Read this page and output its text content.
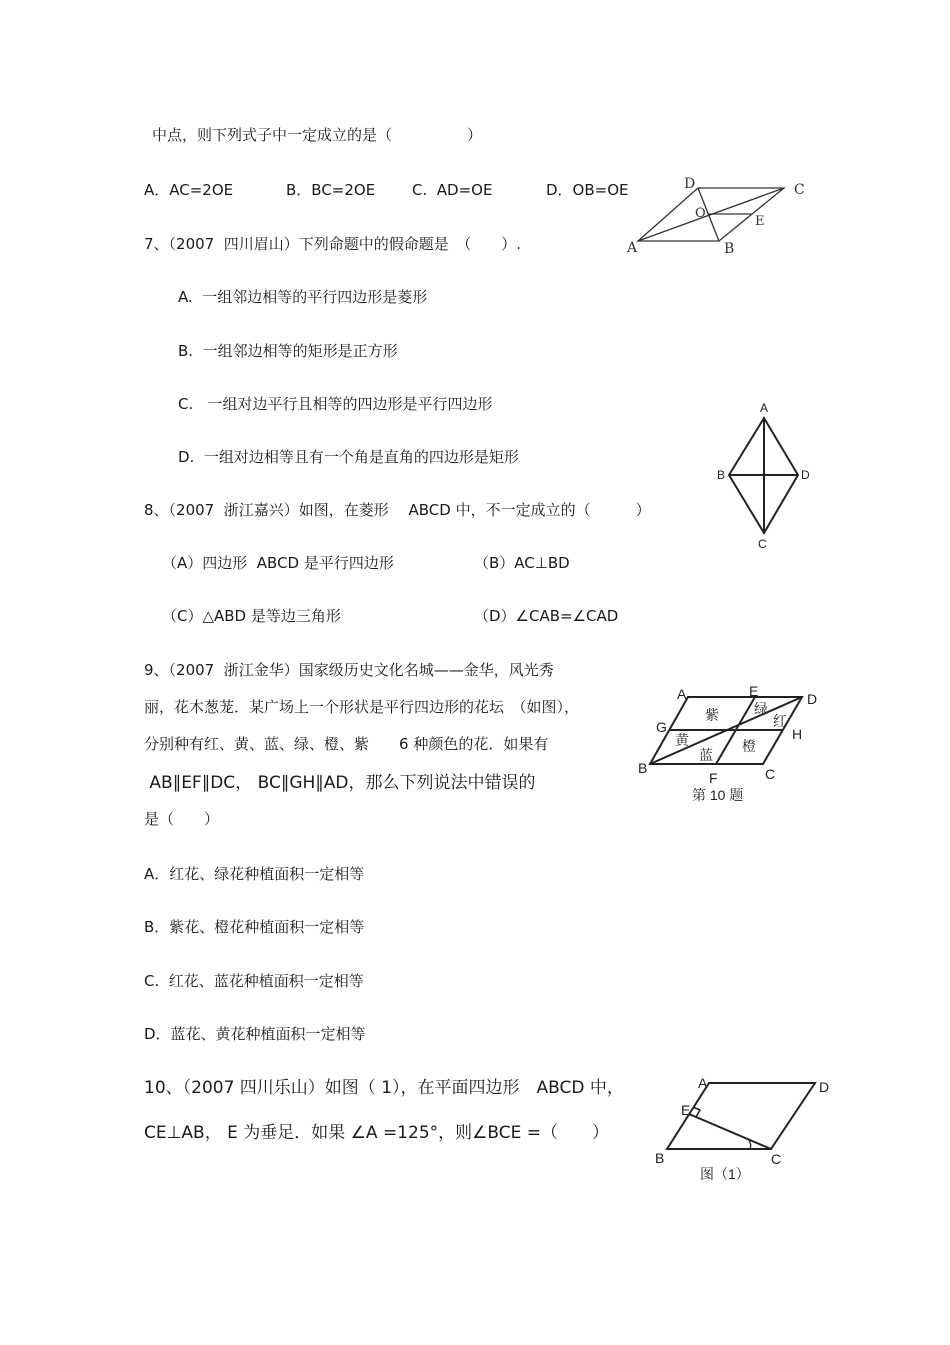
中点，则下列式子中一定成立的是（　　　　　）
A．AC=2OE	B．BC=2OE C.  AD=OE	D．OB=OE	D	C
O
E
A	B
7、（2007  四川眉山）下列命题中的假命题是　（　　）.
A.  一组邻边相等的平行四边形是菱形
B.  一组邻边相等的矩形是正方形
C.   一组对边平行且相等的四边形是平行四边形
D.  一组对边相等且有一个角是直角的四边形是矩形
A
B	D
C
8、（2007  浙江嘉兴）如图，在菱形　 ABCD 中，不一定成立的（　　　）
（A）四边形  ABCD 是平行四边形	（B）AC⊥BD
（C）△ABD 是等边三角形	（D）∠CAB=∠CAD
9、（2007  浙江金华）国家级历史文化名城——金华，风光秀
丽，花木葱茏．某广场上一个形状是平行四边形的花坛　（如图），
分别种有红、黄、蓝、绿、橙、紫　　6 种颜色的花．如果有
AB∥EF∥DC， BC∥GH∥AD，那么下列说法中错误的
是（　　）
A．红花、绿花种植面积一定相等
B．紫花、橙花种植面积一定相等
C.  红花、蓝花种植面积一定相等
D．蓝花、黄花种植面积一定相等
A	E	D
G	H
B
F	C
紫	绿
红
黄
蓝
橙
第 10 题
10、（2007 四川乐山）如图（ 1），在平面四边形　ABCD 中，
CE⊥AB， E 为垂足．如果 ∠A =125°，则∠BCE =（　　）
A	D
E
B	C
图（1）
